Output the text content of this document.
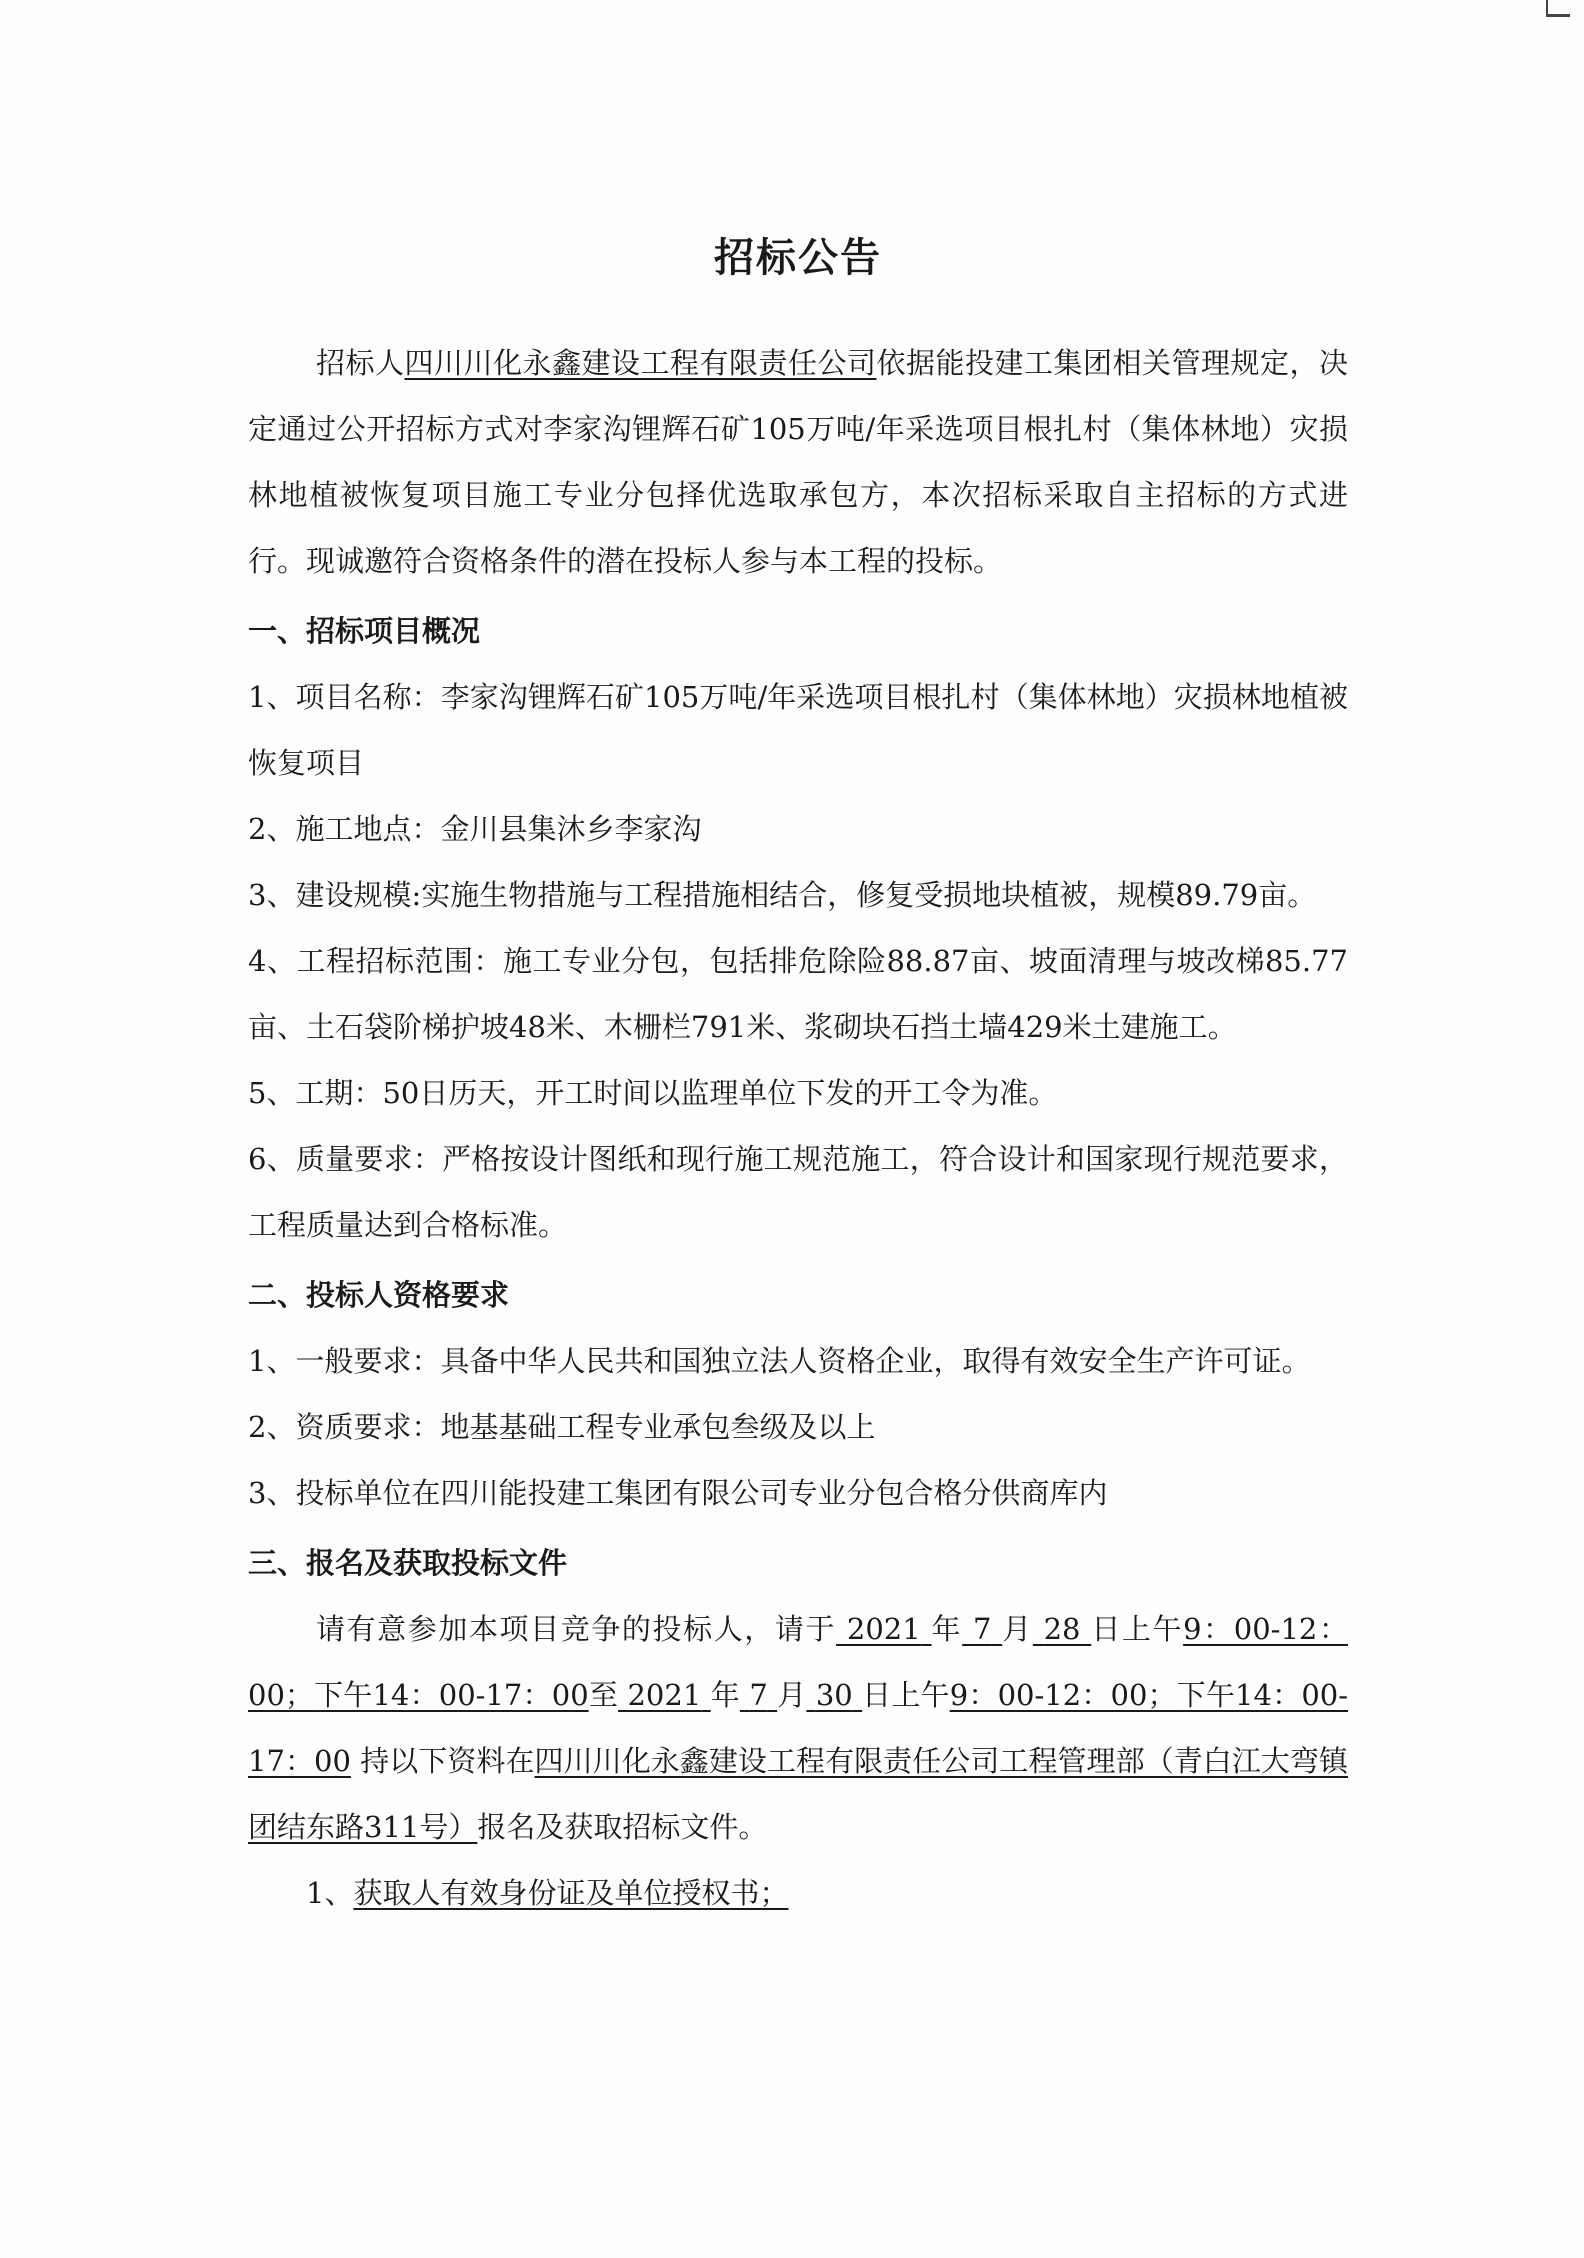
招标公告

招标人四川川化永鑫建设工程有限责任公司依据能投建工集团相关管理规定，决定通过公开招标方式对李家沟锂辉石矿105万吨/年采选项目根扎村（集体林地）灾损林地植被恢复项目施工专业分包择优选取承包方，本次招标采取自主招标的方式进行。现诚邀符合资格条件的潜在投标人参与本工程的投标。

一、招标项目概况

1、项目名称：李家沟锂辉石矿105万吨/年采选项目根扎村（集体林地）灾损林地植被恢复项目

2、施工地点：金川县集沐乡李家沟

3、建设规模:实施生物措施与工程措施相结合，修复受损地块植被，规模89.79亩。

4、工程招标范围：施工专业分包，包括排危除险88.87亩、坡面清理与坡改梯85.77亩、土石袋阶梯护坡48米、木栅栏791米、浆砌块石挡土墙429米土建施工。

5、工期：50日历天，开工时间以监理单位下发的开工令为准。

6、质量要求：严格按设计图纸和现行施工规范施工，符合设计和国家现行规范要求，工程质量达到合格标准。

二、投标人资格要求

1、一般要求：具备中华人民共和国独立法人资格企业，取得有效安全生产许可证。

2、资质要求：地基基础工程专业承包叁级及以上

3、投标单位在四川能投建工集团有限公司专业分包合格分供商库内

三、报名及获取投标文件

请有意参加本项目竞争的投标人，请于 2021 年 7 月 28 日上午9：00-12：00；下午14：00-17：00至 2021 年 7 月 30 日上午9：00-12：00；下午14：00-17：00 持以下资料在四川川化永鑫建设工程有限责任公司工程管理部（青白江大弯镇团结东路311号）报名及获取招标文件。

1、获取人有效身份证及单位授权书；
